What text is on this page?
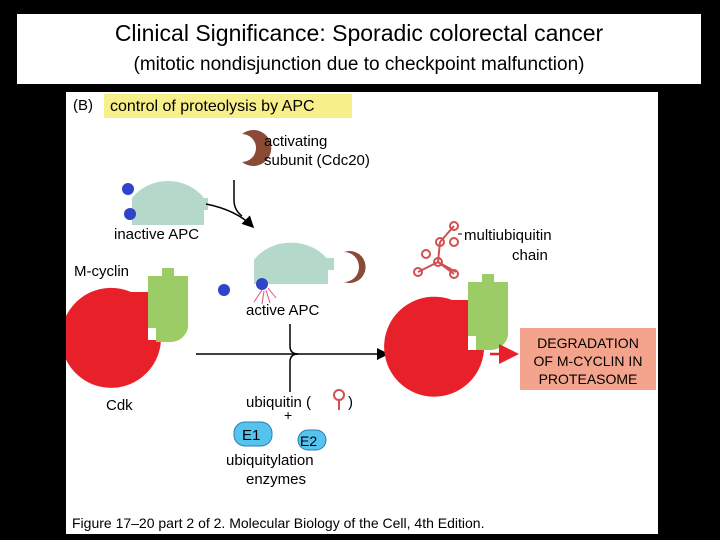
Clinical Significance: Sporadic colorectal cancer
(mitotic nondisjunction due to checkpoint malfunction)
(B) control of proteolysis by APC
activating
subunit (Cdc20)
inactive APC
M-cyclin
active APC
Cdk	ubiquitin ( )
+
E1	E2
ubiquitylation
enzymes
multiubiquitin
chain
DEGRADATION
OF M-CYCLIN IN
PROTEASOME
Figure 17–20 part 2 of 2. Molecular Biology of the Cell, 4th Edition.
